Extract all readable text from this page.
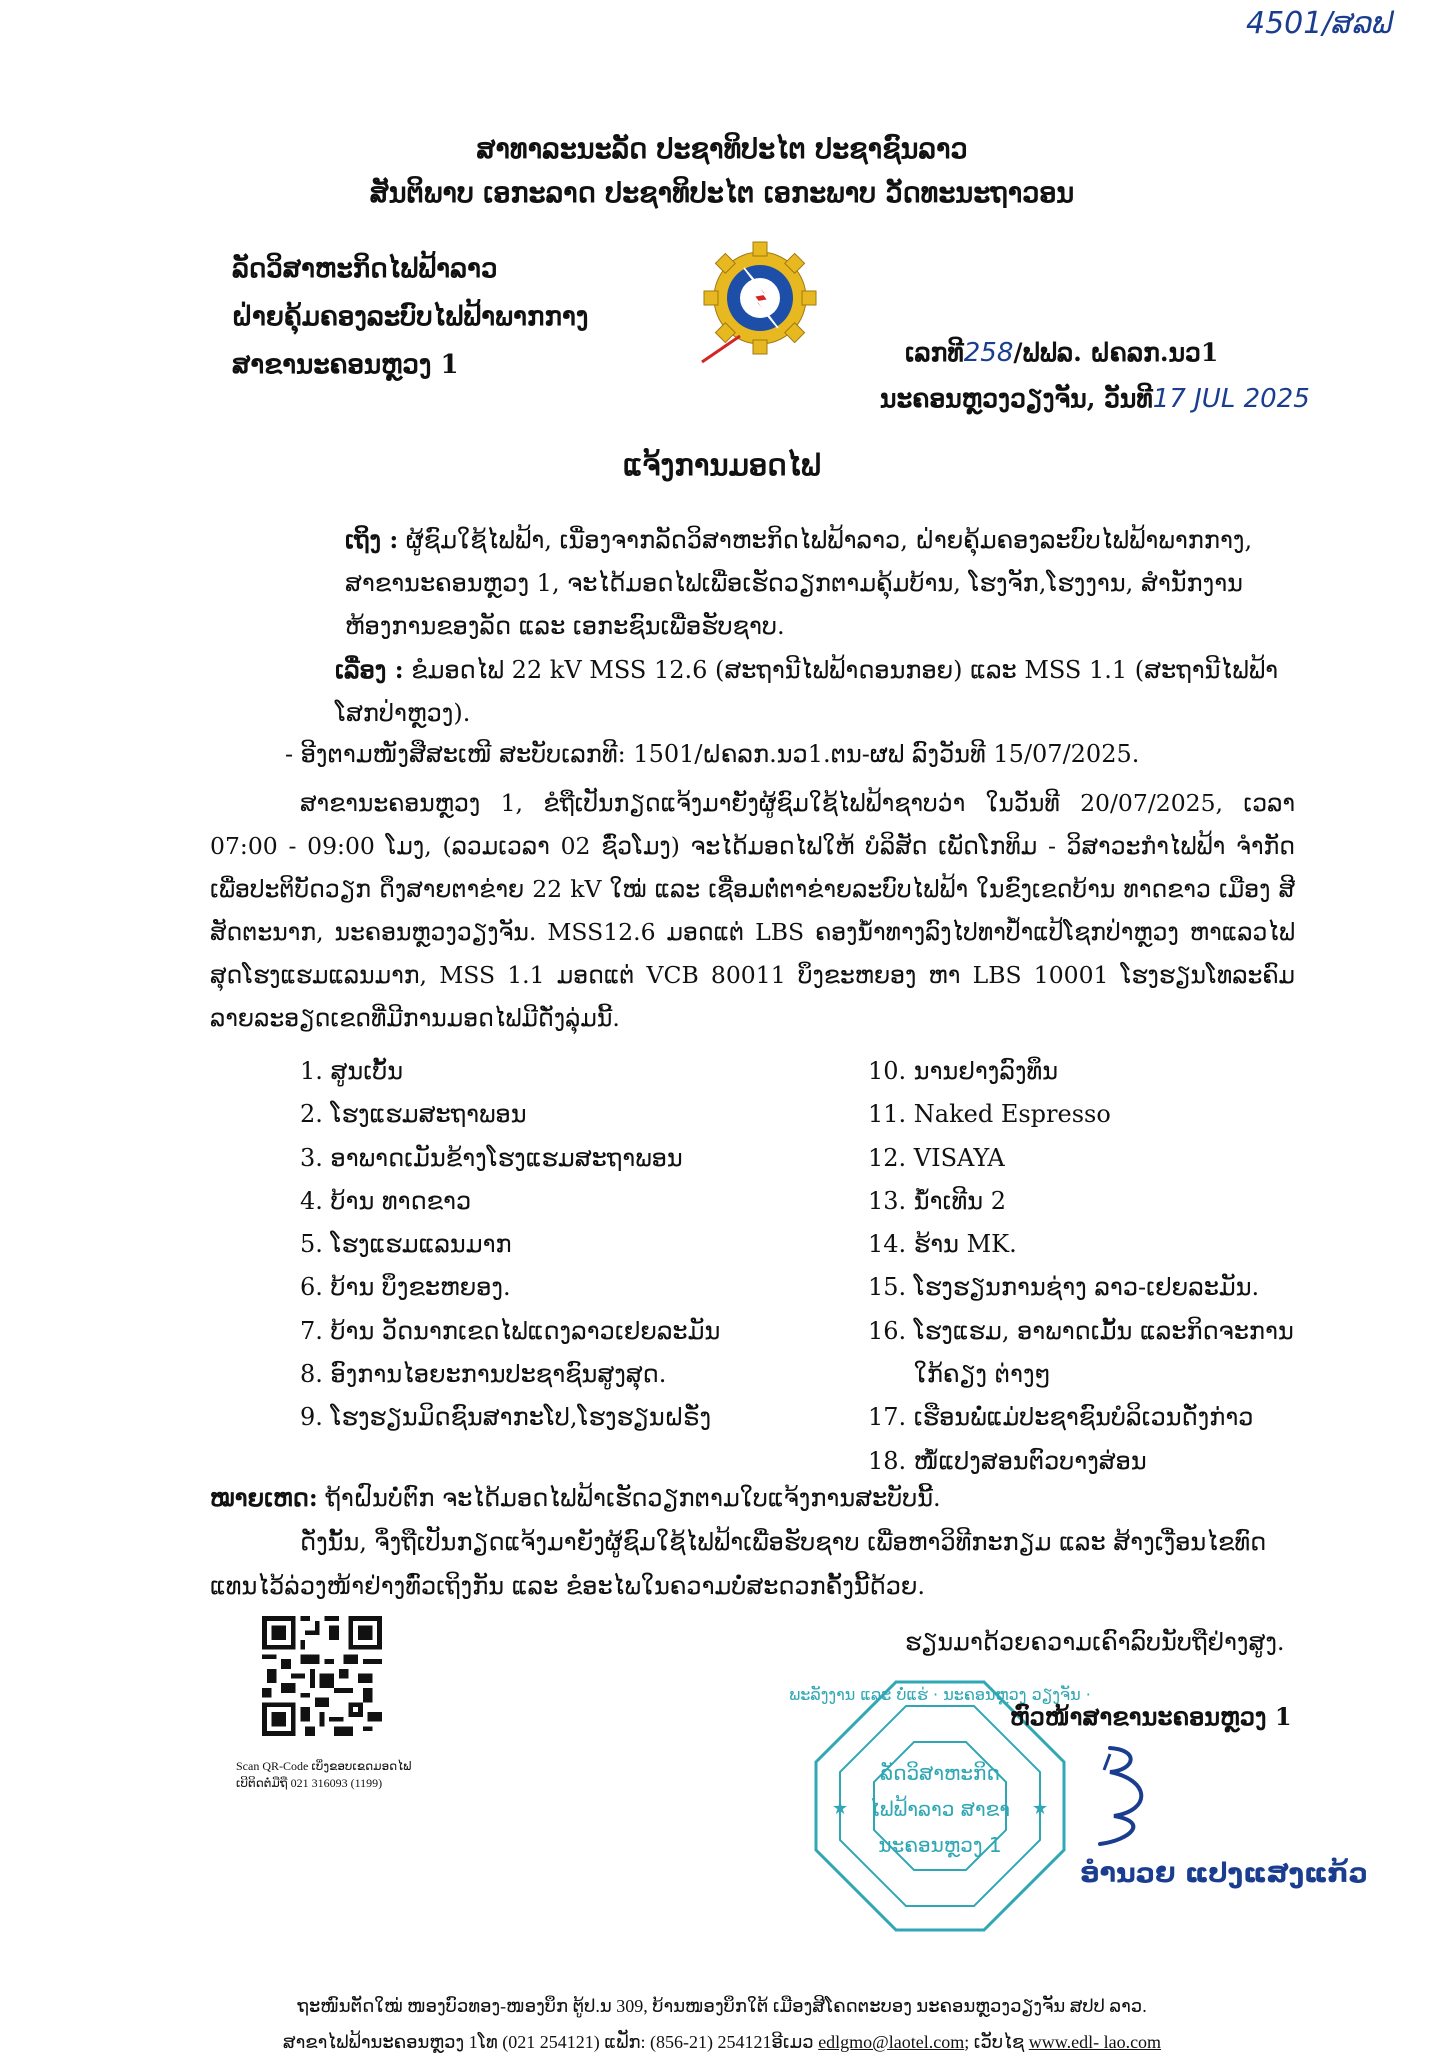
4501/ສລຟ
ສາທາລະນະລັດ ປະຊາທິປະໄຕ ປະຊາຊົນລາວ
ສັນຕິພາບ ເອກະລາດ ປະຊາທິປະໄຕ ເອກະພາບ ວັດທະນະຖາວອນ
ລັດວິສາຫະກິດໄຟຟ້າລາວ
ຝ່າຍຄຸ້ມຄອງລະບົບໄຟຟ້າພາກກາງ
ສາຂານະຄອນຫຼວງ 1	ເລກທີ258/ຟຟລ. ຝຄລກ.ນວ1
ນະຄອນຫຼວງວຽງຈັນ, ວັນທີ17 JUL 2025
ແຈ້ງການມອດໄຟ
ເຖິງ : ຜູ້ຊົມໃຊ້ໄຟຟ້າ, ເນື່ອງຈາກລັດວິສາຫະກິດໄຟຟ້າລາວ, ຝ່າຍຄຸ້ມຄອງລະບົບໄຟຟ້າພາກກາງ, ສາຂານະຄອນຫຼວງ 1, ຈະໄດ້ມອດໄຟເພື່ອເຮັດວຽກຕາມຄຸ້ມບ້ານ, ໂຮງຈັກ,ໂຮງງານ, ສຳນັກງານຫ້ອງການຂອງລັດ ແລະ ເອກະຊົນເພື່ອຮັບຊາບ.
ເລື່ອງ : ຂໍມອດໄຟ 22 kV MSS 12.6 (ສະຖານີໄຟຟ້າດອນກອຍ) ແລະ MSS 1.1 (ສະຖານີໄຟຟ້າ ໂສກປ່າຫຼວງ).
- ອີງຕາມໜັງສືສະເໜີ ສະບັບເລກທີ: 1501/ຝຄລກ.ນວ1.ຕນ-ຜຟ ລົງວັນທີ 15/07/2025.
ສາຂານະຄອນຫຼວງ 1, ຂໍຖືເປັນກຽດແຈ້ງມາຍັງຜູ້ຊົມໃຊ້ໄຟຟ້າຊາບວ່າ ໃນວັນທີ 20/07/2025, ເວລາ 07:00 - 09:00 ໂມງ, (ລວມເວລາ 02 ຊົ່ວໂມງ) ຈະໄດ້ມອດໄຟໃຫ້ ບໍລິສັດ ເພັດໂກທິມ - ວິສາວະກຳໄຟຟ້າ ຈຳກັດ ເພື່ອປະຕິບັດວຽກ ດຶງສາຍຕາຂ່າຍ 22 kV ໃໝ່ ແລະ ເຊື່ອມຕໍ່ຕາຂ່າຍລະບົບໄຟຟ້າ ໃນຂົງເຂດບ້ານ ທາດຂາວ ເມືອງ ສີສັດຕະນາກ, ນະຄອນຫຼວງວຽງຈັນ. MSS12.6 ມອດແຕ່ LBS ຄອງນ້ຳທາງລົງໄປທາປ້ຳແປ້ໂຊກປ່າຫຼວງ ຫາແລວໄຟສຸດໂຮງແຮມແລນມາກ, MSS 1.1 ມອດແຕ່ VCB 80011 ບຶງຂະຫຍອງ ຫາ LBS 10001 ໂຮງຮຽນໂທລະຄົມ ລາຍລະອຽດເຂດທີ່ມີການມອດໄຟມີດັ່ງລຸ່ມນີ້.
1. ສູນເບັ້ນ
2. ໂຮງແຮມສະຖາພອນ
3. ອາພາດເມັນຂ້າງໂຮງແຮມສະຖາພອນ
4. ບ້ານ ທາດຂາວ
5. ໂຮງແຮມແລນມາກ
6. ບ້ານ ບຶງຂະຫຍອງ.
7. ບ້ານ ວັດນາກເຂດໄຟແດງລາວເຢຍລະມັນ
8. ອົງການໄອຍະການປະຊາຊົນສູງສຸດ.
9. ໂຮງຮຽນມິດຊົນສາກະໂປ,ໂຮງຮຽນຝຣັ່ງ
10. ນານຢາງລົງທຶນ
11. Naked Espresso
12. VISAYA
13. ນ້ຳເທີນ 2
14. ຮ້ານ MK.
15. ໂຮງຮຽນການຊ່າງ ລາວ-ເຢຍລະມັນ.
16. ໂຮງແຮມ, ອາພາດເມັ້ນ ແລະກິດຈະການ
ໃກ້ຄຽງ ຕ່າງໆ
17. ເຮືອນພໍ່ແມ່ປະຊາຊົນບໍລິເວນດັ່ງກ່າວ
18. ໜໍ້ແປງສອນຕົວບາງສ່ອນ
ໝາຍເຫດ: ຖ້າຝົນບໍ່ຕົກ ຈະໄດ້ມອດໄຟຟ້າເຮັດວຽກຕາມໃບແຈ້ງການສະບັບນີ້.
ດັ່ງນັ້ນ, ຈຶ່ງຖືເປັນກຽດແຈ້ງມາຍັງຜູ້ຊົມໃຊ້ໄຟຟ້າເພື່ອຮັບຊາບ ເພື່ອຫາວິທີກະກຽມ ແລະ ສ້າງເງື່ອນໄຂທົດແທນໄວ້ລ່ວງໜ້າຢ່າງທົ່ວເຖິງກັນ ແລະ ຂໍອະໄພໃນຄວາມບໍ່ສະດວກຄັ້ງນີ້ດ້ວຍ.
ຮຽນມາດ້ວຍຄວາມເຄົາລົບນັບຖືຢ່າງສູງ.
Scan QR-Code ເບິ່ງຂອບເຂດມອດໄຟ
ເບີຕິດຕໍ່ມືຖື 021 316093 (1199)
ພະລັງງານ ແລະ ບໍ່ແຮ່ · ນະຄອນຫຼວງ ວຽງຈັນ ·
ລັດວິສາຫະກິດ
ໄຟຟ້າລາວ ສາຂາ
ນະຄອນຫຼວງ 1
★	★
ຫົວໜ້າສາຂານະຄອນຫຼວງ 1
ອຳນວຍ ແປງແສງແກ້ວ
ຖະໜົນຕັດໃໝ່ ໜອງບົວທອງ-ໜອງບຶກ ຕູ້ປ.ນ 309, ບ້ານໜອງບຶກໃຕ້ ເມືອງສີໂຄດຕະບອງ ນະຄອນຫຼວງວຽງຈັນ ສປປ ລາວ.
ສາຂາໄຟຟ້ານະຄອນຫຼວງ 1ໂທ (021 254121) ແຟັກ: (856-21) 254121ອີເມວ edlgmo@laotel.com; ເວັບໄຊ www.edl- lao.com
